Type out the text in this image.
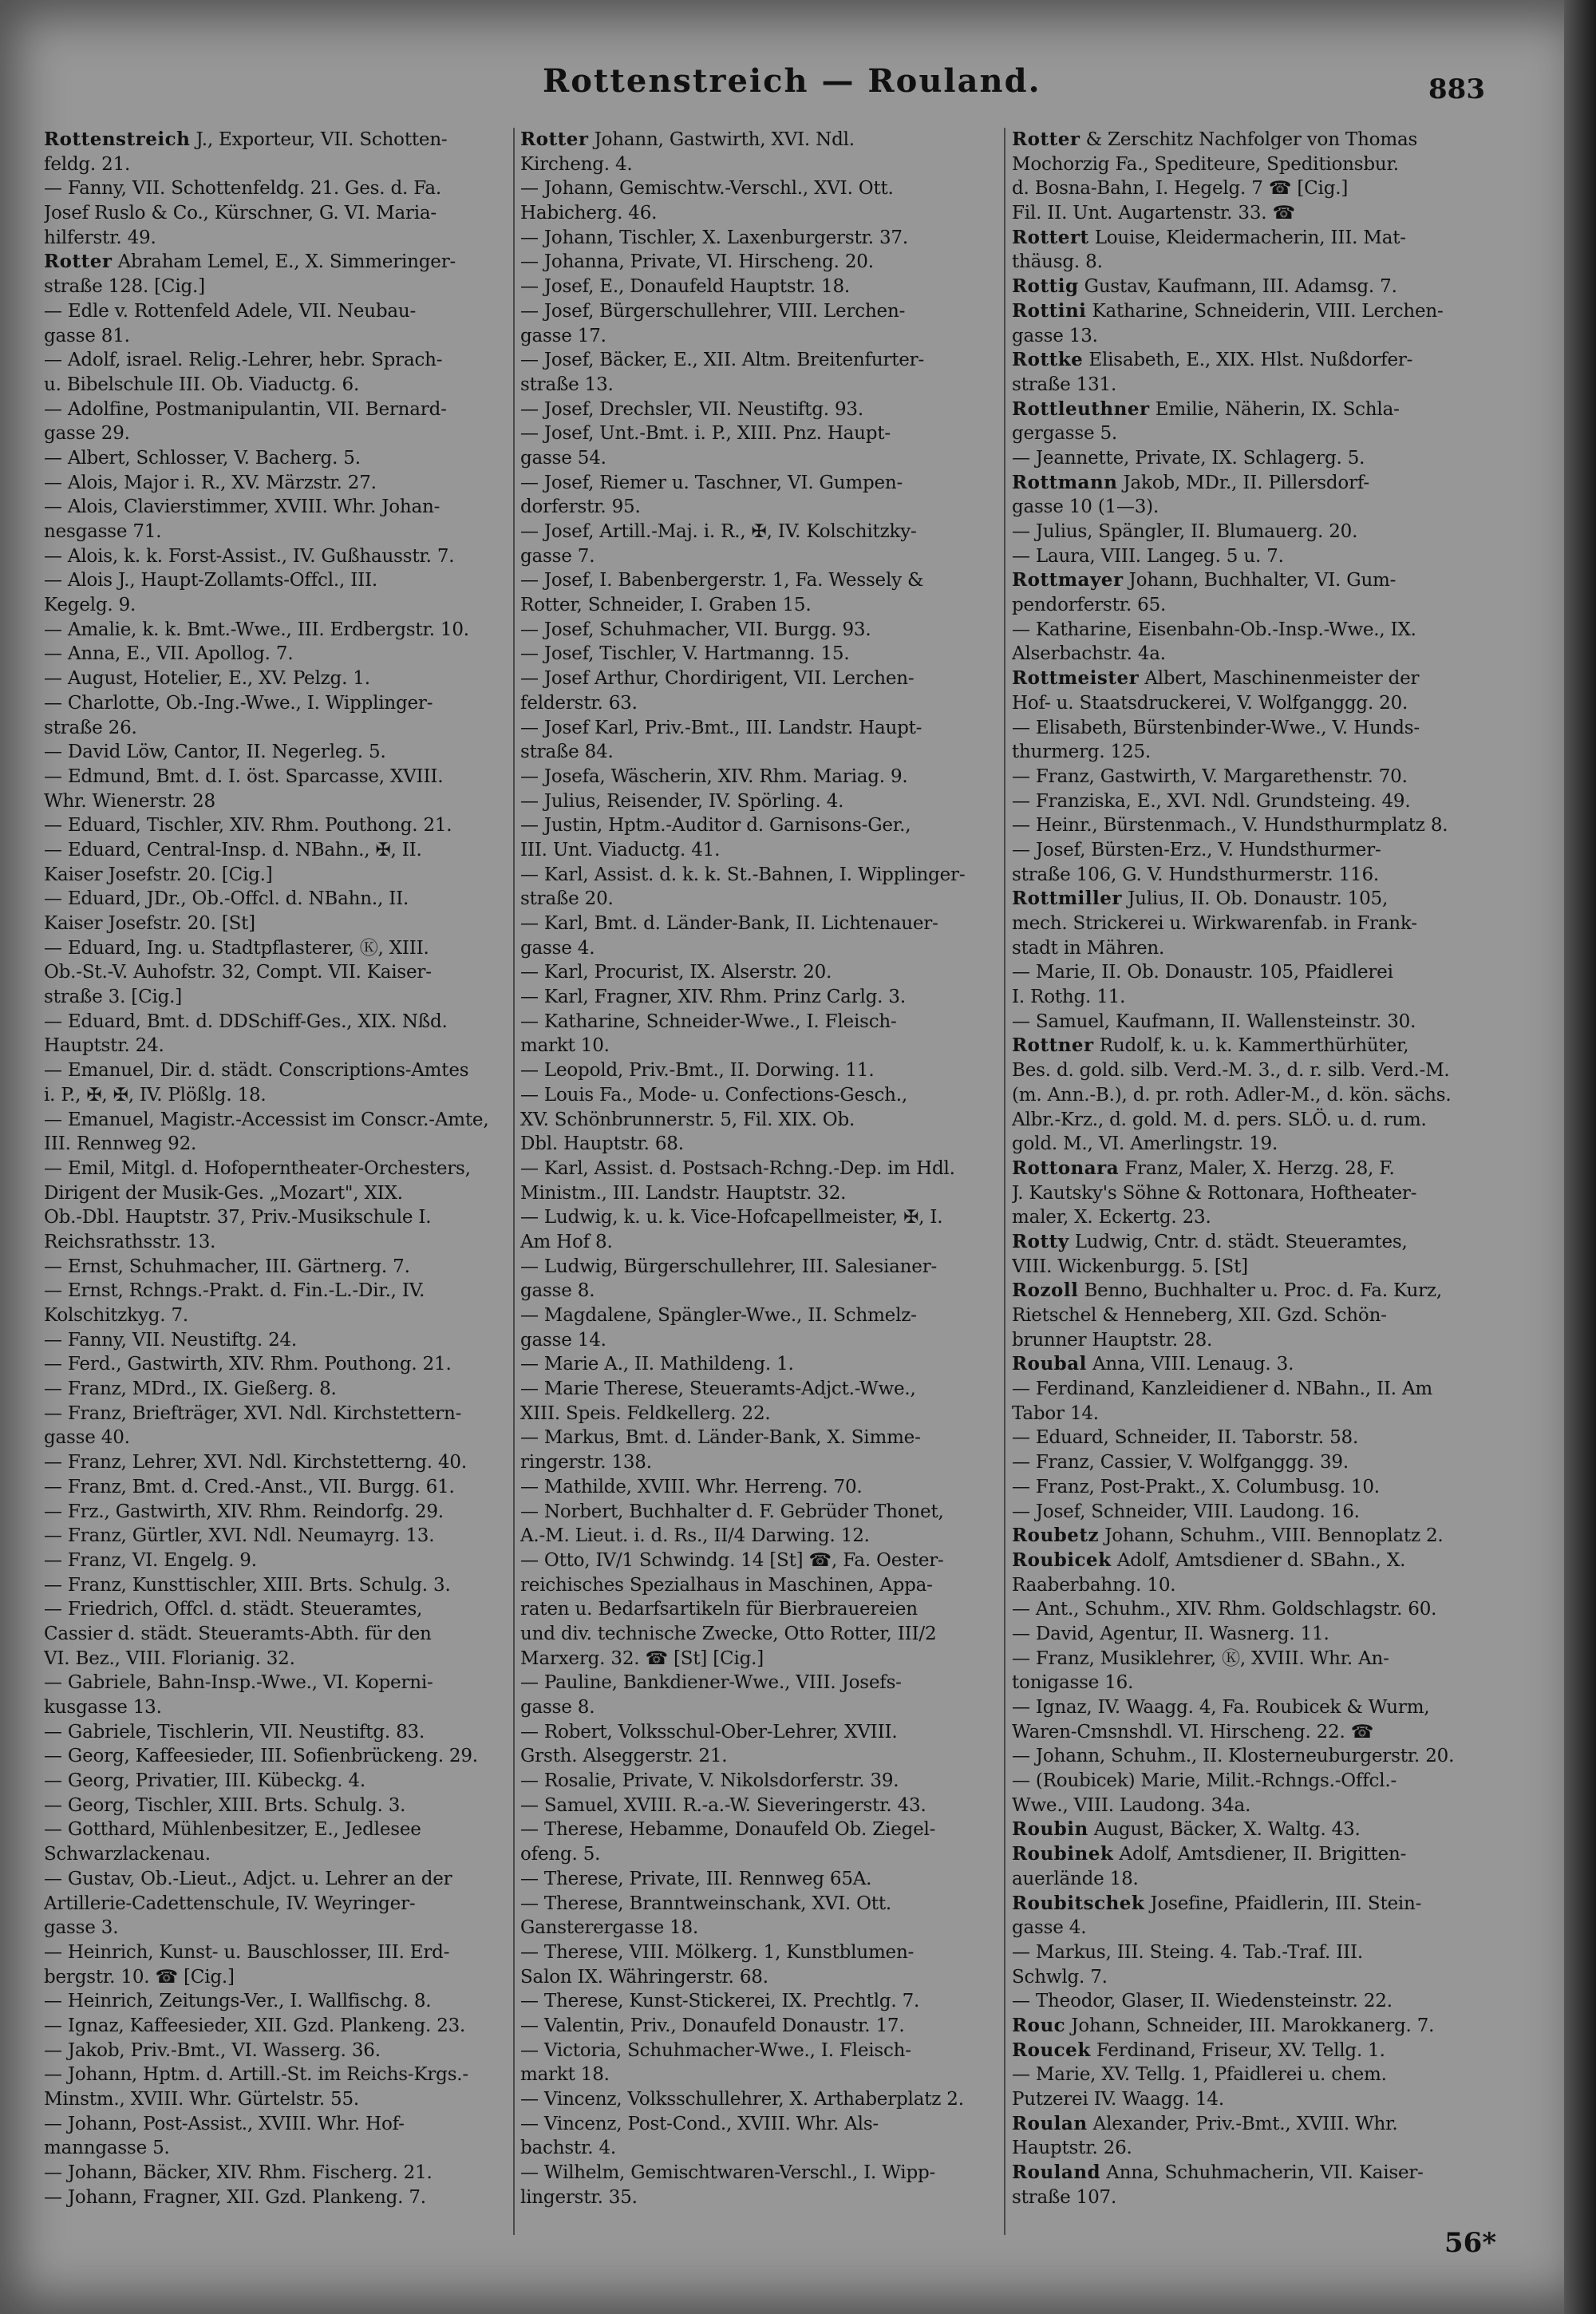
Rottenstreich — Rouland.	883
Rottenstreich J., Exporteur, VII. Schotten-
feldg. 21.
— Fanny, VII. Schottenfeldg. 21. Ges. d. Fa.
Josef Ruslo & Co., Kürschner, G. VI. Maria-
hilferstr. 49.
Rotter Abraham Lemel, E., X. Simmeringer-
straße 128. [Cig.]
— Edle v. Rottenfeld Adele, VII. Neubau-
gasse 81.
— Adolf, israel. Relig.-Lehrer, hebr. Sprach-
u. Bibelschule III. Ob. Viaductg. 6.
— Adolfine, Postmanipulantin, VII. Bernard-
gasse 29.
— Albert, Schlosser, V. Bacherg. 5.
— Alois, Major i. R., XV. Märzstr. 27.
— Alois, Clavierstimmer, XVIII. Whr. Johan-
nesgasse 71.
— Alois, k. k. Forst-Assist., IV. Gußhausstr. 7.
— Alois J., Haupt-Zollamts-Offcl., III.
Kegelg. 9.
— Amalie, k. k. Bmt.-Wwe., III. Erdbergstr. 10.
— Anna, E., VII. Apollog. 7.
— August, Hotelier, E., XV. Pelzg. 1.
— Charlotte, Ob.-Ing.-Wwe., I. Wipplinger-
straße 26.
— David Löw, Cantor, II. Negerleg. 5.
— Edmund, Bmt. d. I. öst. Sparcasse, XVIII.
Whr. Wienerstr. 28
— Eduard, Tischler, XIV. Rhm. Pouthong. 21.
— Eduard, Central-Insp. d. NBahn., ✠, II.
Kaiser Josefstr. 20. [Cig.]
— Eduard, JDr., Ob.-Offcl. d. NBahn., II.
Kaiser Josefstr. 20. [St]
— Eduard, Ing. u. Stadtpflasterer, Ⓚ, XIII.
Ob.-St.-V. Auhofstr. 32, Compt. VII. Kaiser-
straße 3. [Cig.]
— Eduard, Bmt. d. DDSchiff-Ges., XIX. Nßd.
Hauptstr. 24.
— Emanuel, Dir. d. städt. Conscriptions-Amtes
i. P., ✠, ✠, IV. Plößlg. 18.
— Emanuel, Magistr.-Accessist im Conscr.-Amte,
III. Rennweg 92.
— Emil, Mitgl. d. Hofoperntheater-Orchesters,
Dirigent der Musik-Ges. „Mozart", XIX.
Ob.-Dbl. Hauptstr. 37, Priv.-Musikschule I.
Reichsrathsstr. 13.
— Ernst, Schuhmacher, III. Gärtnerg. 7.
— Ernst, Rchngs.-Prakt. d. Fin.-L.-Dir., IV.
Kolschitzkyg. 7.
— Fanny, VII. Neustiftg. 24.
— Ferd., Gastwirth, XIV. Rhm. Pouthong. 21.
— Franz, MDrd., IX. Gießerg. 8.
— Franz, Briefträger, XVI. Ndl. Kirchstettern-
gasse 40.
— Franz, Lehrer, XVI. Ndl. Kirchstetterng. 40.
— Franz, Bmt. d. Cred.-Anst., VII. Burgg. 61.
— Frz., Gastwirth, XIV. Rhm. Reindorfg. 29.
— Franz, Gürtler, XVI. Ndl. Neumayrg. 13.
— Franz, VI. Engelg. 9.
— Franz, Kunsttischler, XIII. Brts. Schulg. 3.
— Friedrich, Offcl. d. städt. Steueramtes,
Cassier d. städt. Steueramts-Abth. für den
VI. Bez., VIII. Florianig. 32.
— Gabriele, Bahn-Insp.-Wwe., VI. Koperni-
kusgasse 13.
— Gabriele, Tischlerin, VII. Neustiftg. 83.
— Georg, Kaffeesieder, III. Sofienbrückeng. 29.
— Georg, Privatier, III. Kübeckg. 4.
— Georg, Tischler, XIII. Brts. Schulg. 3.
— Gotthard, Mühlenbesitzer, E., Jedlesee
Schwarzlackenau.
— Gustav, Ob.-Lieut., Adjct. u. Lehrer an der
Artillerie-Cadettenschule, IV. Weyringer-
gasse 3.
— Heinrich, Kunst- u. Bauschlosser, III. Erd-
bergstr. 10. ☎ [Cig.]
— Heinrich, Zeitungs-Ver., I. Wallfischg. 8.
— Ignaz, Kaffeesieder, XII. Gzd. Plankeng. 23.
— Jakob, Priv.-Bmt., VI. Wasserg. 36.
— Johann, Hptm. d. Artill.-St. im Reichs-Krgs.-
Minstm., XVIII. Whr. Gürtelstr. 55.
— Johann, Post-Assist., XVIII. Whr. Hof-
manngasse 5.
— Johann, Bäcker, XIV. Rhm. Fischerg. 21.
— Johann, Fragner, XII. Gzd. Plankeng. 7.
Rotter Johann, Gastwirth, XVI. Ndl.
Kircheng. 4.
— Johann, Gemischtw.-Verschl., XVI. Ott.
Habicherg. 46.
— Johann, Tischler, X. Laxenburgerstr. 37.
— Johanna, Private, VI. Hirscheng. 20.
— Josef, E., Donaufeld Hauptstr. 18.
— Josef, Bürgerschullehrer, VIII. Lerchen-
gasse 17.
— Josef, Bäcker, E., XII. Altm. Breitenfurter-
straße 13.
— Josef, Drechsler, VII. Neustiftg. 93.
— Josef, Unt.-Bmt. i. P., XIII. Pnz. Haupt-
gasse 54.
— Josef, Riemer u. Taschner, VI. Gumpen-
dorferstr. 95.
— Josef, Artill.-Maj. i. R., ✠, IV. Kolschitzky-
gasse 7.
— Josef, I. Babenbergerstr. 1, Fa. Wessely &
Rotter, Schneider, I. Graben 15.
— Josef, Schuhmacher, VII. Burgg. 93.
— Josef, Tischler, V. Hartmanng. 15.
— Josef Arthur, Chordirigent, VII. Lerchen-
felderstr. 63.
— Josef Karl, Priv.-Bmt., III. Landstr. Haupt-
straße 84.
— Josefa, Wäscherin, XIV. Rhm. Mariag. 9.
— Julius, Reisender, IV. Spörling. 4.
— Justin, Hptm.-Auditor d. Garnisons-Ger.,
III. Unt. Viaductg. 41.
— Karl, Assist. d. k. k. St.-Bahnen, I. Wipplinger-
straße 20.
— Karl, Bmt. d. Länder-Bank, II. Lichtenauer-
gasse 4.
— Karl, Procurist, IX. Alserstr. 20.
— Karl, Fragner, XIV. Rhm. Prinz Carlg. 3.
— Katharine, Schneider-Wwe., I. Fleisch-
markt 10.
— Leopold, Priv.-Bmt., II. Dorwing. 11.
— Louis Fa., Mode- u. Confections-Gesch.,
XV. Schönbrunnerstr. 5, Fil. XIX. Ob.
Dbl. Hauptstr. 68.
— Karl, Assist. d. Postsach-Rchng.-Dep. im Hdl.
Ministm., III. Landstr. Hauptstr. 32.
— Ludwig, k. u. k. Vice-Hofcapellmeister, ✠, I.
Am Hof 8.
— Ludwig, Bürgerschullehrer, III. Salesianer-
gasse 8.
— Magdalene, Spängler-Wwe., II. Schmelz-
gasse 14.
— Marie A., II. Mathildeng. 1.
— Marie Therese, Steueramts-Adjct.-Wwe.,
XIII. Speis. Feldkellerg. 22.
— Markus, Bmt. d. Länder-Bank, X. Simme-
ringerstr. 138.
— Mathilde, XVIII. Whr. Herreng. 70.
— Norbert, Buchhalter d. F. Gebrüder Thonet,
A.-M. Lieut. i. d. Rs., II/4 Darwing. 12.
— Otto, IV/1 Schwindg. 14 [St] ☎, Fa. Oester-
reichisches Spezialhaus in Maschinen, Appa-
raten u. Bedarfsartikeln für Bierbrauereien
und div. technische Zwecke, Otto Rotter, III/2
Marxerg. 32. ☎ [St] [Cig.]
— Pauline, Bankdiener-Wwe., VIII. Josefs-
gasse 8.
— Robert, Volksschul-Ober-Lehrer, XVIII.
Grsth. Alseggerstr. 21.
— Rosalie, Private, V. Nikolsdorferstr. 39.
— Samuel, XVIII. R.-a.-W. Sieveringerstr. 43.
— Therese, Hebamme, Donaufeld Ob. Ziegel-
ofeng. 5.
— Therese, Private, III. Rennweg 65A.
— Therese, Branntweinschank, XVI. Ott.
Gansterergasse 18.
— Therese, VIII. Mölkerg. 1, Kunstblumen-
Salon IX. Währingerstr. 68.
— Therese, Kunst-Stickerei, IX. Prechtlg. 7.
— Valentin, Priv., Donaufeld Donaustr. 17.
— Victoria, Schuhmacher-Wwe., I. Fleisch-
markt 18.
— Vincenz, Volksschullehrer, X. Arthaberplatz 2.
— Vincenz, Post-Cond., XVIII. Whr. Als-
bachstr. 4.
— Wilhelm, Gemischtwaren-Verschl., I. Wipp-
lingerstr. 35.
Rotter & Zerschitz Nachfolger von Thomas
Mochorzig Fa., Spediteure, Speditionsbur.
d. Bosna-Bahn, I. Hegelg. 7 ☎ [Cig.]
Fil. II. Unt. Augartenstr. 33. ☎
Rottert Louise, Kleidermacherin, III. Mat-
thäusg. 8.
Rottig Gustav, Kaufmann, III. Adamsg. 7.
Rottini Katharine, Schneiderin, VIII. Lerchen-
gasse 13.
Rottke Elisabeth, E., XIX. Hlst. Nußdorfer-
straße 131.
Rottleuthner Emilie, Näherin, IX. Schla-
gergasse 5.
— Jeannette, Private, IX. Schlagerg. 5.
Rottmann Jakob, MDr., II. Pillersdorf-
gasse 10 (1—3).
— Julius, Spängler, II. Blumauerg. 20.
— Laura, VIII. Langeg. 5 u. 7.
Rottmayer Johann, Buchhalter, VI. Gum-
pendorferstr. 65.
— Katharine, Eisenbahn-Ob.-Insp.-Wwe., IX.
Alserbachstr. 4a.
Rottmeister Albert, Maschinenmeister der
Hof- u. Staatsdruckerei, V. Wolfganggg. 20.
— Elisabeth, Bürstenbinder-Wwe., V. Hunds-
thurmerg. 125.
— Franz, Gastwirth, V. Margarethenstr. 70.
— Franziska, E., XVI. Ndl. Grundsteing. 49.
— Heinr., Bürstenmach., V. Hundsthurmplatz 8.
— Josef, Bürsten-Erz., V. Hundsthurmer-
straße 106, G. V. Hundsthurmerstr. 116.
Rottmiller Julius, II. Ob. Donaustr. 105,
mech. Strickerei u. Wirkwarenfab. in Frank-
stadt in Mähren.
— Marie, II. Ob. Donaustr. 105, Pfaidlerei
I. Rothg. 11.
— Samuel, Kaufmann, II. Wallensteinstr. 30.
Rottner Rudolf, k. u. k. Kammerthürhüter,
Bes. d. gold. silb. Verd.-M. 3., d. r. silb. Verd.-M.
(m. Ann.-B.), d. pr. roth. Adler-M., d. kön. sächs.
Albr.-Krz., d. gold. M. d. pers. SLÖ. u. d. rum.
gold. M., VI. Amerlingstr. 19.
Rottonara Franz, Maler, X. Herzg. 28, F.
J. Kautsky's Söhne & Rottonara, Hoftheater-
maler, X. Eckertg. 23.
Rotty Ludwig, Cntr. d. städt. Steueramtes,
VIII. Wickenburgg. 5. [St]
Rozoll Benno, Buchhalter u. Proc. d. Fa. Kurz,
Rietschel & Henneberg, XII. Gzd. Schön-
brunner Hauptstr. 28.
Roubal Anna, VIII. Lenaug. 3.
— Ferdinand, Kanzleidiener d. NBahn., II. Am
Tabor 14.
— Eduard, Schneider, II. Taborstr. 58.
— Franz, Cassier, V. Wolfganggg. 39.
— Franz, Post-Prakt., X. Columbusg. 10.
— Josef, Schneider, VIII. Laudong. 16.
Roubetz Johann, Schuhm., VIII. Bennoplatz 2.
Roubicek Adolf, Amtsdiener d. SBahn., X.
Raaberbahng. 10.
— Ant., Schuhm., XIV. Rhm. Goldschlagstr. 60.
— David, Agentur, II. Wasnerg. 11.
— Franz, Musiklehrer, Ⓚ, XVIII. Whr. An-
tonigasse 16.
— Ignaz, IV. Waagg. 4, Fa. Roubicek & Wurm,
Waren-Cmsnshdl. VI. Hirscheng. 22. ☎
— Johann, Schuhm., II. Klosterneuburgerstr. 20.
— (Roubicek) Marie, Milit.-Rchngs.-Offcl.-
Wwe., VIII. Laudong. 34a.
Roubin August, Bäcker, X. Waltg. 43.
Roubinek Adolf, Amtsdiener, II. Brigitten-
auerlände 18.
Roubitschek Josefine, Pfaidlerin, III. Stein-
gasse 4.
— Markus, III. Steing. 4. Tab.-Traf. III.
Schwlg. 7.
— Theodor, Glaser, II. Wiedensteinstr. 22.
Rouc Johann, Schneider, III. Marokkanerg. 7.
Roucek Ferdinand, Friseur, XV. Tellg. 1.
— Marie, XV. Tellg. 1, Pfaidlerei u. chem.
Putzerei IV. Waagg. 14.
Roulan Alexander, Priv.-Bmt., XVIII. Whr.
Hauptstr. 26.
Rouland Anna, Schuhmacherin, VII. Kaiser-
straße 107.
56*
